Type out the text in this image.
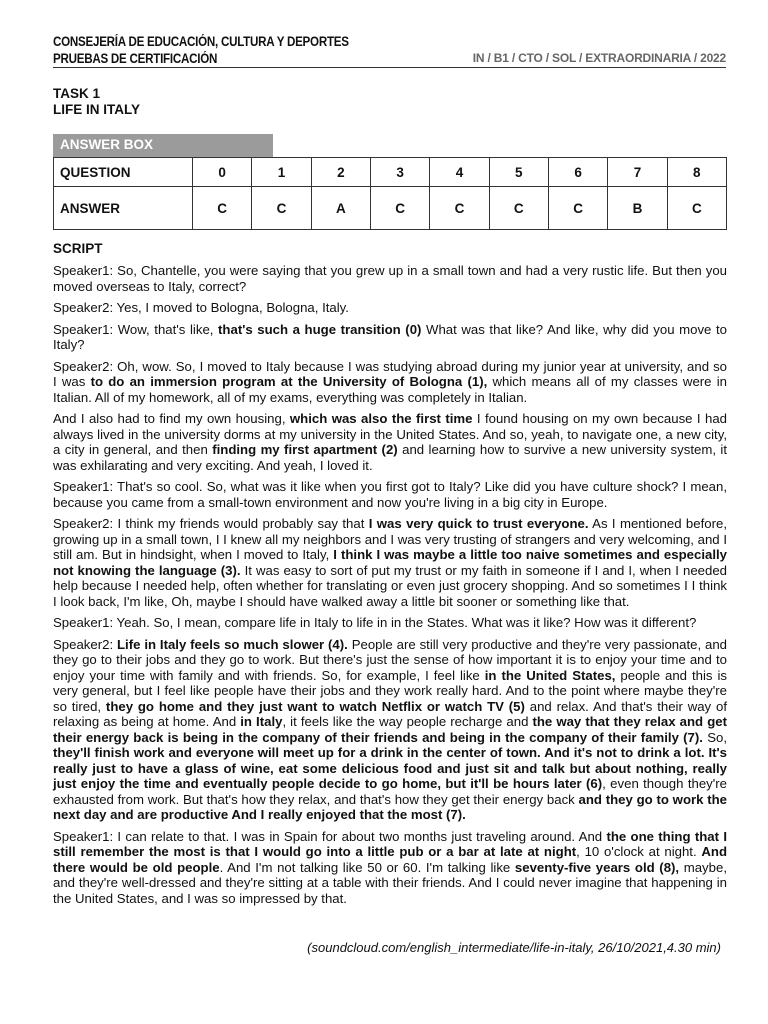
CONSEJERÍA DE EDUCACIÓN, CULTURA Y DEPORTES
PRUEBAS DE CERTIFICACIÓN	IN / B1 / CTO / SOL / EXTRAORDINARIA / 2022
TASK 1
LIFE IN ITALY
ANSWER BOX
QUESTION	0	1	2	3	4	5	6	7	8
ANSWER	C	C	A	C	C	C	C	B	C
SCRIPT

Speaker1: So, Chantelle, you were saying that you grew up in a small town and had a very rustic life. But then you moved overseas to Italy, correct?

Speaker2: Yes, I moved to Bologna, Bologna, Italy.

Speaker1: Wow, that's like, that's such a huge transition (0) What was that like? And like, why did you move to Italy?

Speaker2: Oh, wow. So, I moved to Italy because I was studying abroad during my junior year at university, and so I was to do an immersion program at the University of Bologna (1), which means all of my classes were in Italian. All of my homework, all of my exams, everything was completely in Italian.

And I also had to find my own housing, which was also the first time I found housing on my own because I had always lived in the university dorms at my university in the United States. And so, yeah, to navigate one, a new city, a city in general, and then finding my first apartment (2) and learning how to survive a new university system, it was exhilarating and very exciting. And yeah, I loved it.

Speaker1: That's so cool. So, what was it like when you first got to Italy? Like did you have culture shock? I mean, because you came from a small-town environment and now you're living in a big city in Europe.

Speaker2: I think my friends would probably say that I was very quick to trust everyone. As I mentioned before, growing up in a small town, I I knew all my neighbors and I was very trusting of strangers and very welcoming, and I still am. But in hindsight, when I moved to Italy, I think I was maybe a little too naive sometimes and especially not knowing the language (3). It was easy to sort of put my trust or my faith in someone if I and I, when I needed help because I needed help, often whether for translating or even just grocery shopping. And so sometimes I I think I look back, I'm like, Oh, maybe I should have walked away a little bit sooner or something like that.

Speaker1: Yeah. So, I mean, compare life in Italy to life in in the States. What was it like? How was it different?

Speaker2: Life in Italy feels so much slower (4). People are still very productive and they're very passionate, and they go to their jobs and they go to work. But there's just the sense of how important it is to enjoy your time and to enjoy your time with family and with friends. So, for example, I feel like in the United States, people and this is very general, but I feel like people have their jobs and they work really hard. And to the point where maybe they're so tired, they go home and they just want to watch Netflix or watch TV (5) and relax. And that's their way of relaxing as being at home. And in Italy, it feels like the way people recharge and the way that they relax and get their energy back is being in the company of their friends and being in the company of their family (7). So, they'll finish work and everyone will meet up for a drink in the center of town. And it's not to drink a lot. It's really just to have a glass of wine, eat some delicious food and just sit and talk but about nothing, really just enjoy the time and eventually people decide to go home, but it'll be hours later (6), even though they're exhausted from work. But that's how they relax, and that's how they get their energy back and they go to work the next day and are productive And I really enjoyed that the most (7).

Speaker1: I can relate to that. I was in Spain for about two months just traveling around. And the one thing that I still remember the most is that I would go into a little pub or a bar at late at night, 10 o'clock at night. And there would be old people. And I'm not talking like 50 or 60. I'm talking like seventy-five years old (8), maybe, and they're well-dressed and they're sitting at a table with their friends. And I could never imagine that happening in the United States, and I was so impressed by that.

(soundcloud.com/english_intermediate/life-in-italy, 26/10/2021,4.30 min)
